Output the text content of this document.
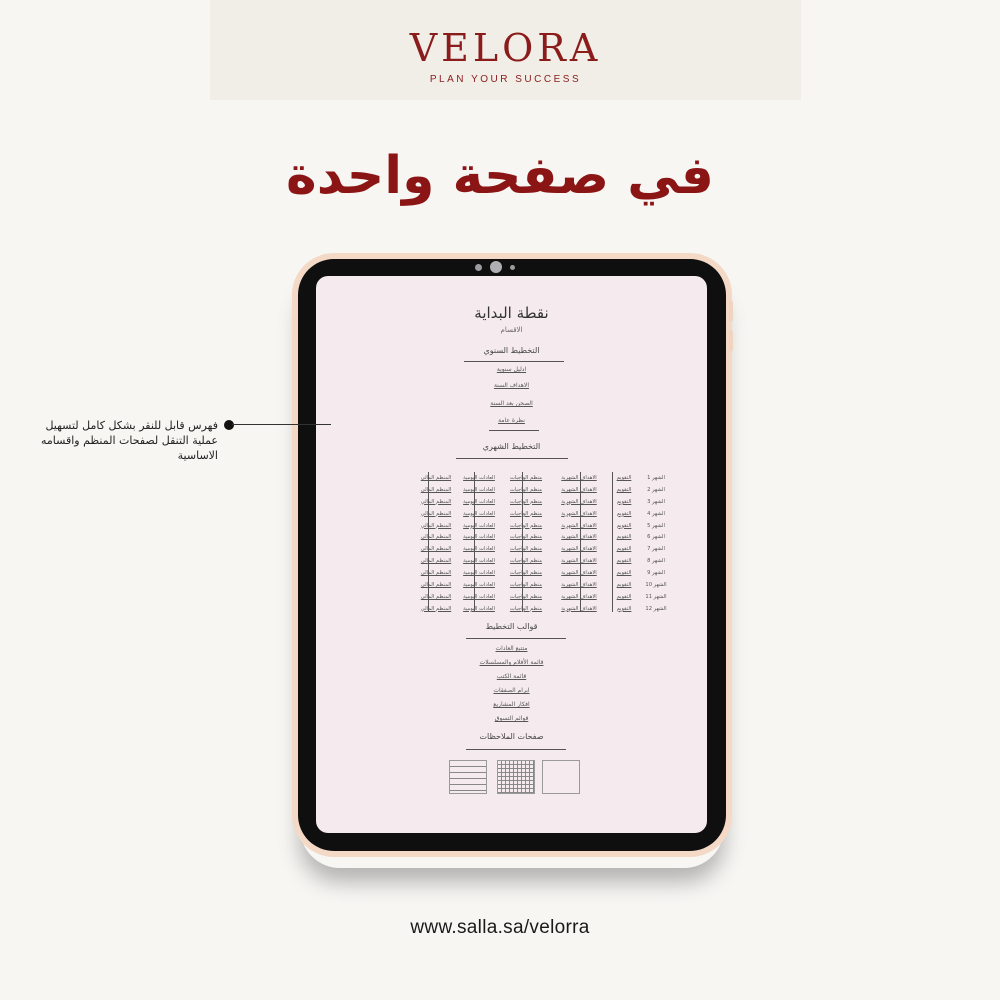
VELORA
PLAN YOUR SUCCESS
في صفحة واحدة
نقطة البداية
الاقسام
التخطيط السنوي
ادليل سنوية
الاهداف السنة
الصحن بعد السنة
نظرة عامة
التخطيط الشهري
الشهر 1
التقويم
الاهداف الشهرية
منظم الواجبات
العادات اليومية
المنظم المالي
الشهر 2
التقويم
الاهداف الشهرية
منظم الواجبات
العادات اليومية
المنظم المالي
الشهر 3
التقويم
الاهداف الشهرية
منظم الواجبات
العادات اليومية
المنظم المالي
الشهر 4
التقويم
الاهداف الشهرية
منظم الواجبات
العادات اليومية
المنظم المالي
الشهر 5
التقويم
الاهداف الشهرية
منظم الواجبات
العادات اليومية
المنظم المالي
الشهر 6
التقويم
الاهداف الشهرية
منظم الواجبات
العادات اليومية
المنظم المالي
الشهر 7
التقويم
الاهداف الشهرية
منظم الواجبات
العادات اليومية
المنظم المالي
الشهر 8
التقويم
الاهداف الشهرية
منظم الواجبات
العادات اليومية
المنظم المالي
الشهر 9
التقويم
الاهداف الشهرية
منظم الواجبات
العادات اليومية
المنظم المالي
الشهر 10
التقويم
الاهداف الشهرية
منظم الواجبات
العادات اليومية
المنظم المالي
الشهر 11
التقويم
الاهداف الشهرية
منظم الواجبات
العادات اليومية
المنظم المالي
الشهر 12
التقويم
الاهداف الشهرية
منظم الواجبات
العادات اليومية
المنظم المالي
قوالب التخطيط
متتبع العادات
قائمة الأفلام والمسلسلات
قائمة الكتب
ابرام الصفقات
افكار المشاريع
قوائم التسوق
صفحات الملاحظات
فهرس قابل للنقر بشكل كامل لتسهيل عملية التنقل لصفحات المنظم واقسامه الاساسية
www.salla.sa/velorra
